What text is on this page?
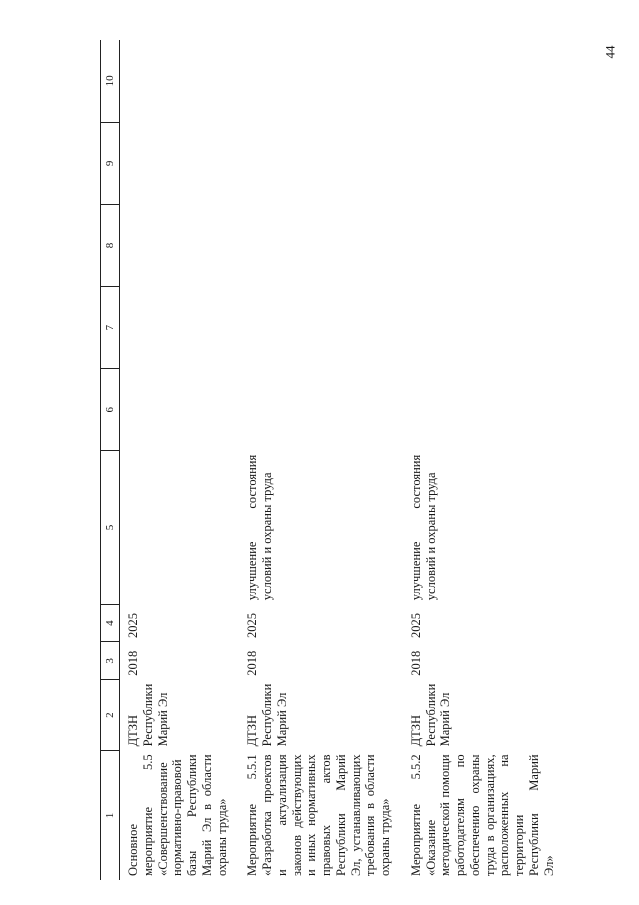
44
1	2	3	4	5	6	7	8	9	10
Основное мероприятие 5.5 «Совершенствование нормативно-правовой базы Республики Марий Эл в области охраны труда»	ДТЗН Республики Марий Эл	2018	2025						
Мероприятие 5.5.1 «Разработка проектов и актуализация законов действующих и иных нормативных правовых актов Республики Марий Эл, устанавливающих требования в области охраны труда»	ДТЗН Республики Марий Эл	2018	2025	улучшение состояния условий и охраны труда					
Мероприятие 5.5.2 «Оказание методической помощи работодателям по обеспечению охраны труда в организациях, расположенных на территории Республики Марий Эл»	ДТЗН Республики Марий Эл	2018	2025	улучшение состояния условий и охраны труда					
